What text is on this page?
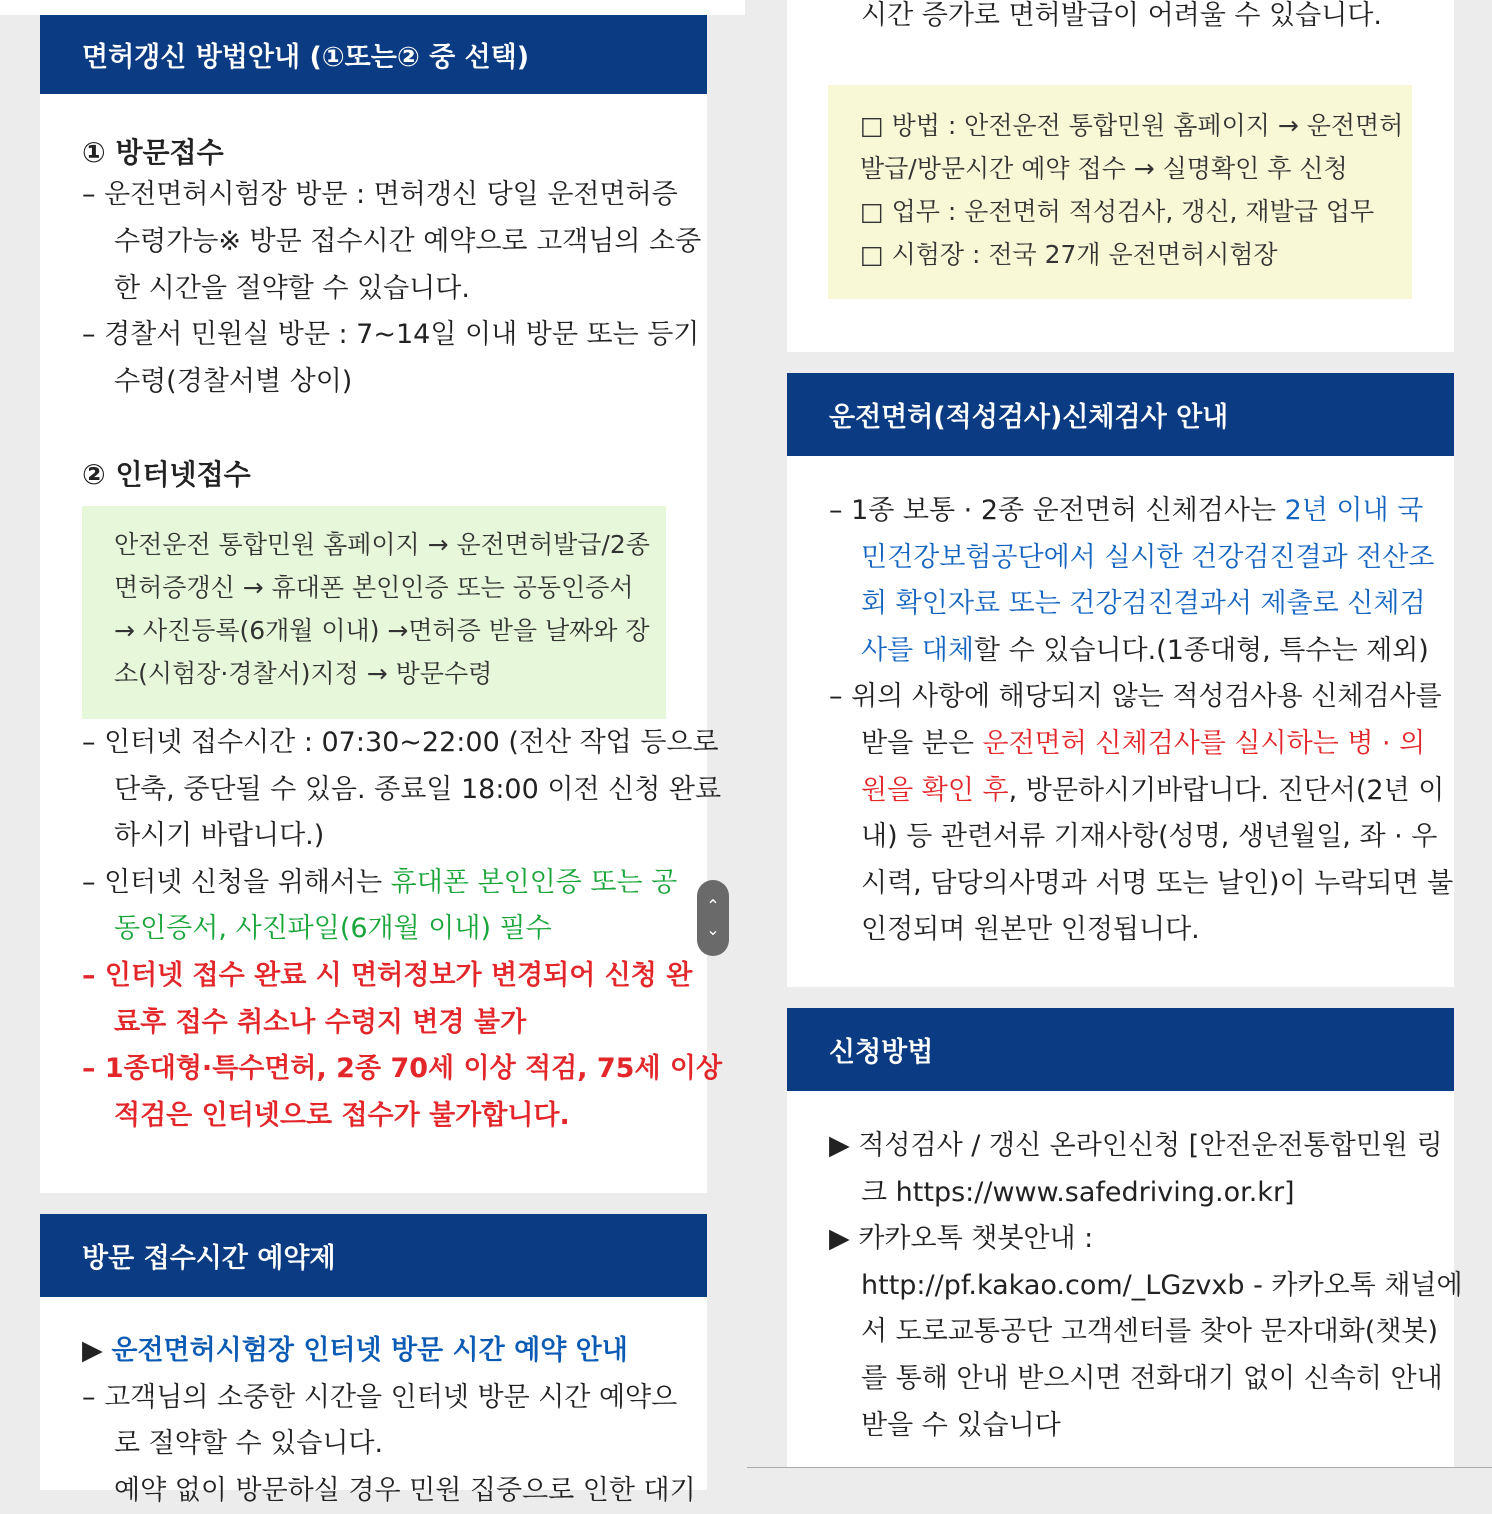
면허갱신 방법안내 (①또는② 중 선택)
① 방문접수
– 운전면허시험장 방문 : 면허갱신 당일 운전면허증
수령가능※ 방문 접수시간 예약으로 고객님의 소중
한 시간을 절약할 수 있습니다.
– 경찰서 민원실 방문 : 7~14일 이내 방문 또는 등기
수령(경찰서별 상이)
② 인터넷접수
안전운전 통합민원 홈페이지 → 운전면허발급/2종
면허증갱신 → 휴대폰 본인인증 또는 공동인증서
→ 사진등록(6개월 이내) →면허증 받을 날짜와 장
소(시험장·경찰서)지정 → 방문수령
– 인터넷 접수시간 : 07:30~22:00 (전산 작업 등으로
단축, 중단될 수 있음. 종료일 18:00 이전 신청 완료
하시기 바랍니다.)
– 인터넷 신청을 위해서는 휴대폰 본인인증 또는 공
동인증서, 사진파일(6개월 이내) 필수
– 인터넷 접수 완료 시 면허정보가 변경되어 신청 완
료후 접수 취소나 수령지 변경 불가
– 1종대형·특수면허, 2종 70세 이상 적검, 75세 이상
적검은 인터넷으로 접수가 불가합니다.
방문 접수시간 예약제
▶ 운전면허시험장 인터넷 방문 시간 예약 안내
– 고객님의 소중한 시간을 인터넷 방문 시간 예약으
로 절약할 수 있습니다.
예약 없이 방문하실 경우 민원 집중으로 인한 대기
시간 증가로 면허발급이 어려울 수 있습니다.
□ 방법 : 안전운전 통합민원 홈페이지 → 운전면허
발급/방문시간 예약 접수 → 실명확인 후 신청
□ 업무 : 운전면허 적성검사, 갱신, 재발급 업무
□ 시험장 : 전국 27개 운전면허시험장
운전면허(적성검사)신체검사 안내
– 1종 보통 · 2종 운전면허 신체검사는 2년 이내 국
민건강보험공단에서 실시한 건강검진결과 전산조
회 확인자료 또는 건강검진결과서 제출로 신체검
사를 대체할 수 있습니다.(1종대형, 특수는 제외)
– 위의 사항에 해당되지 않는 적성검사용 신체검사를
받을 분은 운전면허 신체검사를 실시하는 병 · 의
원을 확인 후, 방문하시기바랍니다. 진단서(2년 이
내) 등 관련서류 기재사항(성명, 생년월일, 좌 · 우
시력, 담당의사명과 서명 또는 날인)이 누락되면 불
인정되며 원본만 인정됩니다.
신청방법
▶ 적성검사 / 갱신 온라인신청 [안전운전통합민원 링
크 https://www.safedriving.or.kr]
▶ 카카오톡 챗봇안내 :
http://pf.kakao.com/_LGzvxb - 카카오톡 채널에
서 도로교통공단 고객센터를 찾아 문자대화(챗봇)
를 통해 안내 받으시면 전화대기 없이 신속히 안내
받을 수 있습니다
⌃
⌄
